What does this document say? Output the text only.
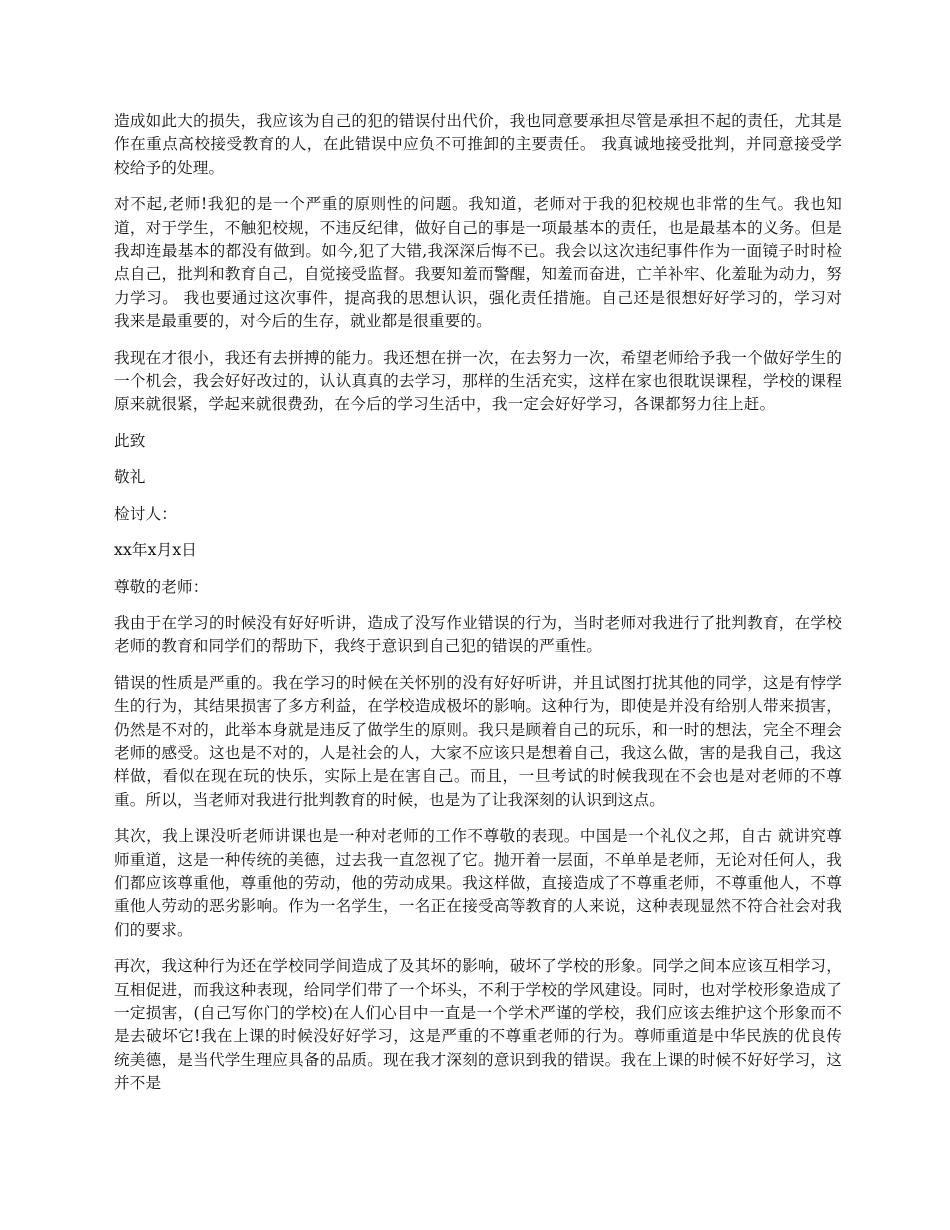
造成如此大的损失，我应该为自己的犯的错误付出代价，我也同意要承担尽管是承担不起的责任，尤其是作在重点高校接受教育的人，在此错误中应负不可推卸的主要责任。 我真诚地接受批判，并同意接受学校给予的处理。

对不起,老师!我犯的是一个严重的原则性的问题。我知道，老师对于我的犯校规也非常的生气。我也知道，对于学生，不触犯校规，不违反纪律，做好自己的事是一项最基本的责任，也是最基本的义务。但是我却连最基本的都没有做到。如今,犯了大错,我深深后悔不已。我会以这次违纪事件作为一面镜子时时检点自己，批判和教育自己，自觉接受监督。我要知羞而警醒，知羞而奋进，亡羊补牢、化羞耻为动力，努力学习。 我也要通过这次事件，提高我的思想认识，强化责任措施。自己还是很想好好学习的，学习对我来是最重要的，对今后的生存，就业都是很重要的。

我现在才很小，我还有去拼搏的能力。我还想在拼一次，在去努力一次，希望老师给予我一个做好学生的一个机会，我会好好改过的，认认真真的去学习，那样的生活充实，这样在家也很耽误课程，学校的课程原来就很紧，学起来就很费劲，在今后的学习生活中，我一定会好好学习，各课都努力往上赶。

此致

敬礼

检讨人：

xx年x月x日

尊敬的老师：

我由于在学习的时候没有好好听讲，造成了没写作业错误的行为，当时老师对我进行了批判教育，在学校老师的教育和同学们的帮助下，我终于意识到自己犯的错误的严重性。

错误的性质是严重的。我在学习的时候在关怀别的没有好好听讲，并且试图打扰其他的同学，这是有悖学生的行为，其结果损害了多方利益，在学校造成极坏的影响。这种行为，即使是并没有给别人带来损害，仍然是不对的，此举本身就是违反了做学生的原则。我只是顾着自己的玩乐，和一时的想法，完全不理会老师的感受。这也是不对的，人是社会的人，大家不应该只是想着自己，我这么做，害的是我自己，我这样做，看似在现在玩的快乐，实际上是在害自己。而且，一旦考试的时候我现在不会也是对老师的不尊重。所以，当老师对我进行批判教育的时候，也是为了让我深刻的认识到这点。

其次，我上课没听老师讲课也是一种对老师的工作不尊敬的表现。中国是一个礼仪之邦，自古 就讲究尊师重道，这是一种传统的美德，过去我一直忽视了它。抛开着一层面，不单单是老师，无论对任何人，我们都应该尊重他，尊重他的劳动，他的劳动成果。我这样做，直接造成了不尊重老师，不尊重他人，不尊重他人劳动的恶劣影响。作为一名学生，一名正在接受高等教育的人来说，这种表现显然不符合社会对我们的要求。

再次，我这种行为还在学校同学间造成了及其坏的影响，破坏了学校的形象。同学之间本应该互相学习，互相促进，而我这种表现，给同学们带了一个坏头，不利于学校的学风建设。同时，也对学校形象造成了一定损害，(自己写你门的学校)在人们心目中一直是一个学术严谨的学校，我们应该去维护这个形象而不是去破坏它!我在上课的时候没好好学习，这是严重的不尊重老师的行为。尊师重道是中华民族的优良传统美德，是当代学生理应具备的品质。现在我才深刻的意识到我的错误。我在上课的时候不好好学习，这并不是
